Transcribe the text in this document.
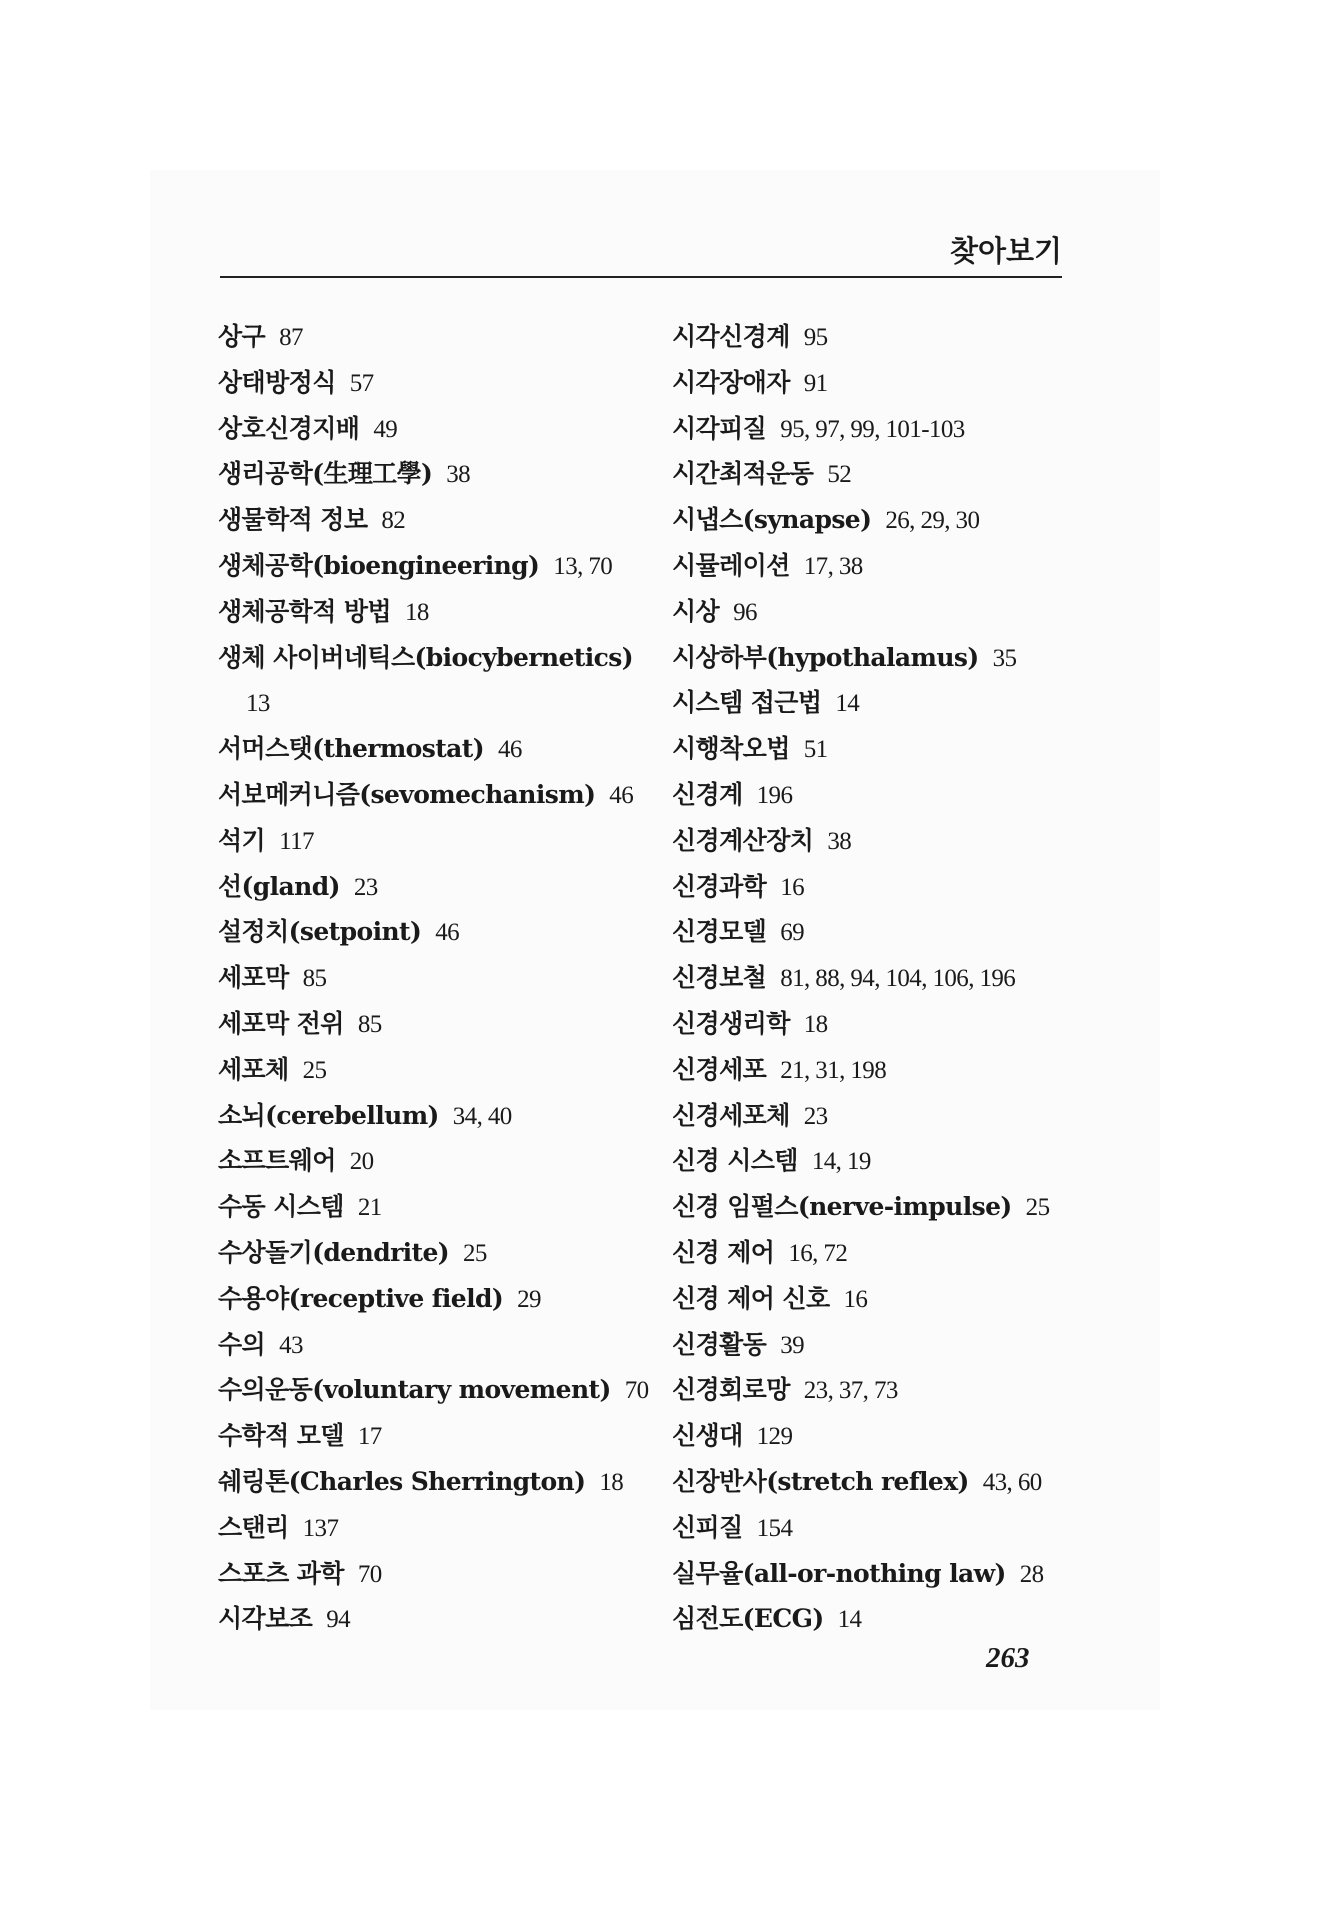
찾아보기
상구 87
상태방정식 57
상호신경지배 49
생리공학(生理工學) 38
생물학적 정보 82
생체공학(bioengineering) 13, 70
생체공학적 방법 18
생체 사이버네틱스(biocybernetics)
13
서머스탯(thermostat) 46
서보메커니즘(sevomechanism) 46
석기 117
선(gland) 23
설정치(setpoint) 46
세포막 85
세포막 전위 85
세포체 25
소뇌(cerebellum) 34, 40
소프트웨어 20
수동 시스템 21
수상돌기(dendrite) 25
수용야(receptive field) 29
수의 43
수의운동(voluntary movement) 70
수학적 모델 17
쉐링톤(Charles Sherrington) 18
스탠리 137
스포츠 과학 70
시각보조 94
시각신경계 95
시각장애자 91
시각피질 95, 97, 99, 101-103
시간최적운동 52
시냅스(synapse) 26, 29, 30
시뮬레이션 17, 38
시상 96
시상하부(hypothalamus) 35
시스템 접근법 14
시행착오법 51
신경계 196
신경계산장치 38
신경과학 16
신경모델 69
신경보철 81, 88, 94, 104, 106, 196
신경생리학 18
신경세포 21, 31, 198
신경세포체 23
신경 시스템 14, 19
신경 임펄스(nerve-impulse) 25
신경 제어 16, 72
신경 제어 신호 16
신경활동 39
신경회로망 23, 37, 73
신생대 129
신장반사(stretch reflex) 43, 60
신피질 154
실무율(all-or-nothing law) 28
심전도(ECG) 14
263
